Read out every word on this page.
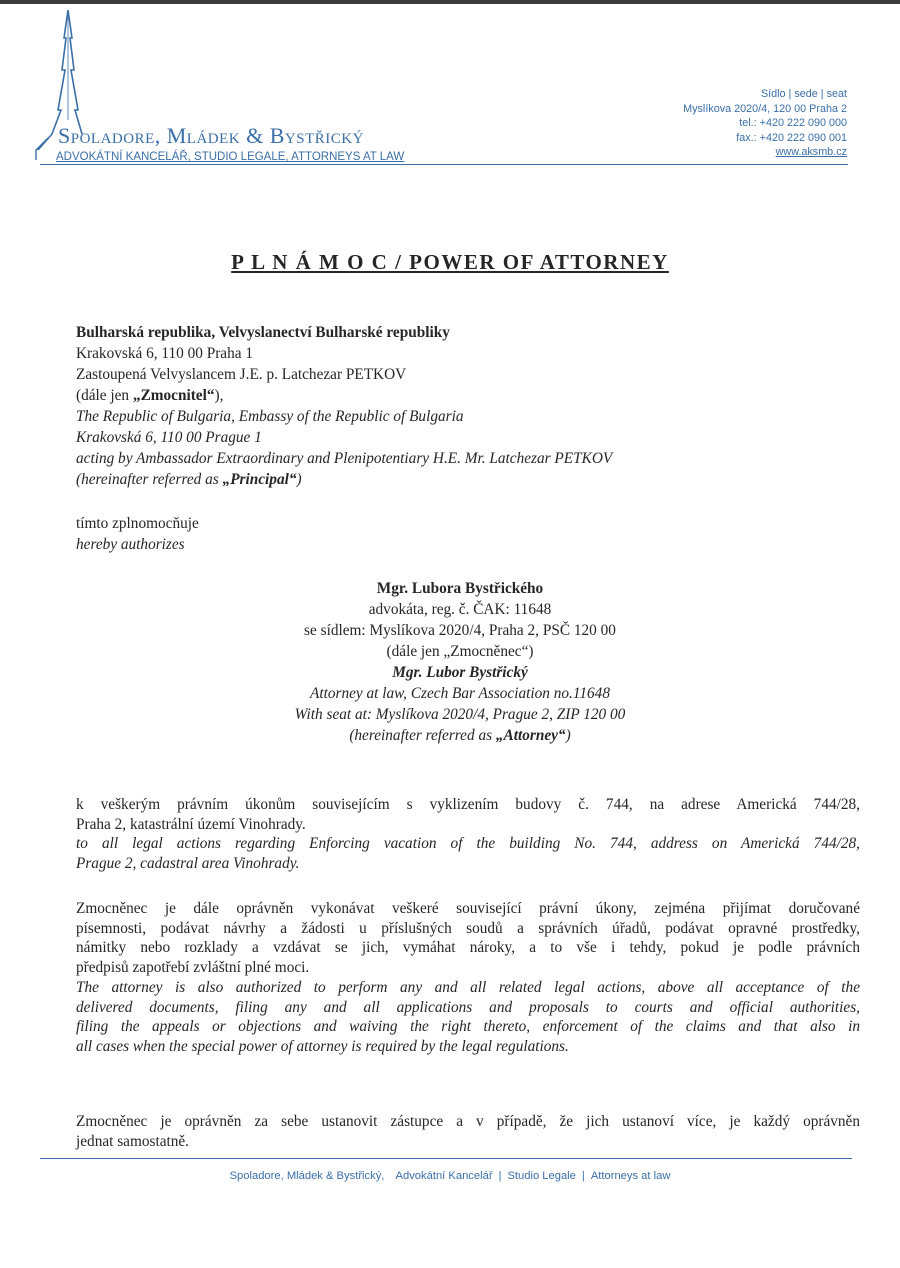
Spoladore, Mládek & Bystřický
ADVOKÁTNÍ KANCELÁŘ, STUDIO LEGALE, ATTORNEYS AT LAW
Sídlo | sede | seat
Myslíkova 2020/4, 120 00 Praha 2
tel.: +420 222 090 000
fax.: +420 222 090 001
www.aksmb.cz
P L N Á M O C / POWER OF ATTORNEY
Bulharská republika, Velvyslanectví Bulharské republiky
Krakovská 6, 110 00 Praha 1
Zastoupená Velvyslancem J.E. p. Latchezar PETKOV
(dále jen „Zmocnitel“),
The Republic of Bulgaria, Embassy of the Republic of Bulgaria
Krakovská 6, 110 00 Prague 1
acting by Ambassador Extraordinary and Plenipotentiary H.E. Mr. Latchezar PETKOV
(hereinafter referred as „Principal“)
tímto zplnomocňuje
hereby authorizes
Mgr. Lubora Bystřického
advokáta, reg. č. ČAK: 11648
se sídlem: Myslíkova 2020/4, Praha 2, PSČ 120 00
(dále jen „Zmocněnec“)
Mgr. Lubor Bystřický
Attorney at law, Czech Bar Association no.11648
With seat at: Myslíkova 2020/4, Prague 2, ZIP 120 00
(hereinafter referred as „Attorney“)
k veškerým právním úkonům souvisejícím s vyklizením budovy č. 744, na adrese Americká 744/28,
Praha 2, katastrální území Vinohrady.
to all legal actions regarding Enforcing vacation of the building No. 744, address on Americká 744/28,
Prague 2, cadastral area Vinohrady.
Zmocněnec je dále oprávněn vykonávat veškeré související právní úkony, zejména přijímat doručované
písemnosti, podávat návrhy a žádosti u příslušných soudů a správních úřadů, podávat opravné prostředky,
námitky nebo rozklady a vzdávat se jich, vymáhat nároky, a to vše i tehdy, pokud je podle právních
předpisů zapotřebí zvláštní plné moci.
The attorney is also authorized to perform any and all related legal actions, above all acceptance of the
delivered documents, filing any and all applications and proposals to courts and official authorities,
filing the appeals or objections and waiving the right thereto, enforcement of the claims and that also in
all cases when the special power of attorney is required by the legal regulations.
Zmocněnec je oprávněn za sebe ustanovit zástupce a v případě, že jich ustanoví více, je každý oprávněn
jednat samostatně.
Spoladore, Mládek & Bystřický, Advokátní Kancelář | Studio Legale | Attorneys at law
